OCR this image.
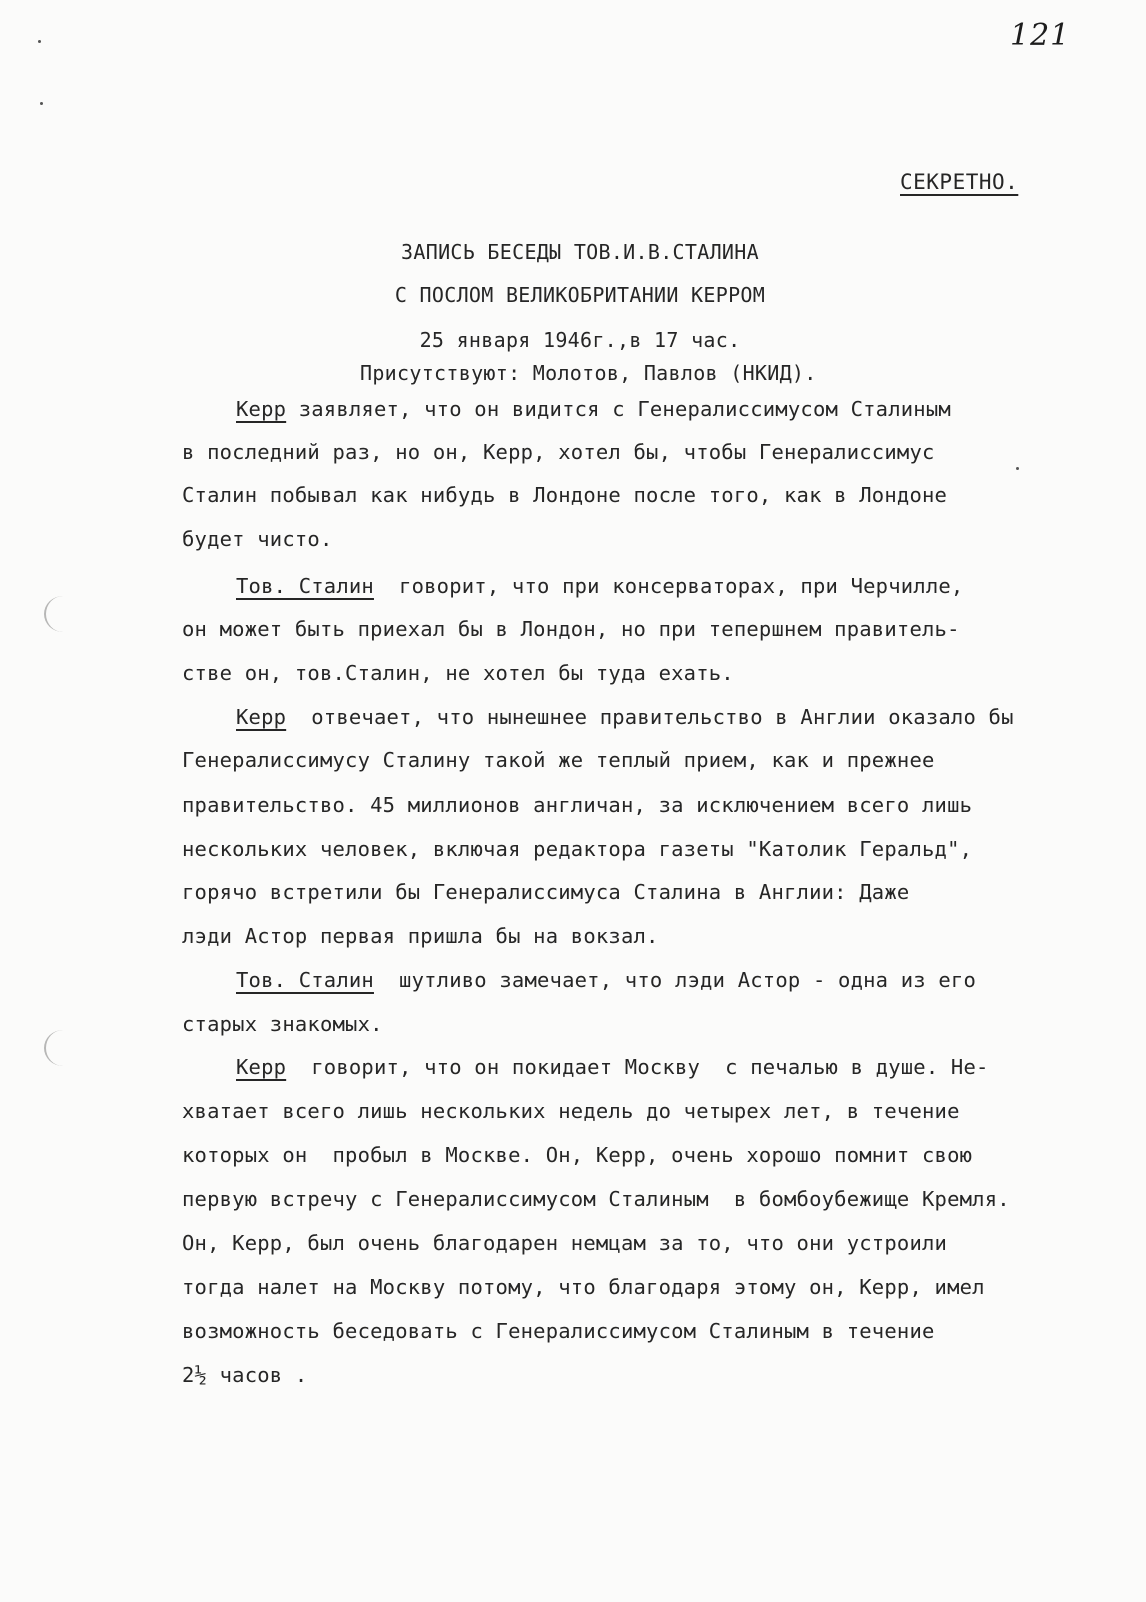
121
СЕКРЕТНО.
ЗАПИСЬ БЕСЕДЫ ТОВ.И.В.СТАЛИНА
С ПОСЛОМ ВЕЛИКОБРИТАНИИ КЕРРОМ
25 января 1946г.,в 17 час.
Присутствуют: Молотов, Павлов (НКИД).
Керр заявляет, что он видится с Генералиссимусом Сталиным
в последний раз, но он, Керр, хотел бы, чтобы Генералиссимус
Сталин побывал как нибудь в Лондоне после того, как в Лондоне
будет чисто.
Тов. Сталин  говорит, что при консерваторах, при Черчилле,
он может быть приехал бы в Лондон, но при тепершнем правитель-
стве он, тов.Сталин, не хотел бы туда ехать.
Керр  отвечает, что нынешнее правительство в Англии оказало бы
Генералиссимусу Сталину такой же теплый прием, как и прежнее
правительство. 45 миллионов англичан, за исключением всего лишь
нескольких человек, включая редактора газеты "Католик Геральд",
горячо встретили бы Генералиссимуса Сталина в Англии: Даже
лэди Астор первая пришла бы на вокзал.
Тов. Сталин  шутливо замечает, что лэди Астор - одна из его
старых знакомых.
Керр  говорит, что он покидает Москву  с печалью в душе. Не-
хватает всего лишь нескольких недель до четырех лет, в течение
которых он  пробыл в Москве. Он, Керр, очень хорошо помнит свою
первую встречу с Генералиссимусом Сталиным  в бомбоубежище Кремля.
Он, Керр, был очень благодарен немцам за то, что они устроили
тогда налет на Москву потому, что благодаря этому он, Керр, имел
возможность беседовать с Генералиссимусом Сталиным в течение
2½ часов .
